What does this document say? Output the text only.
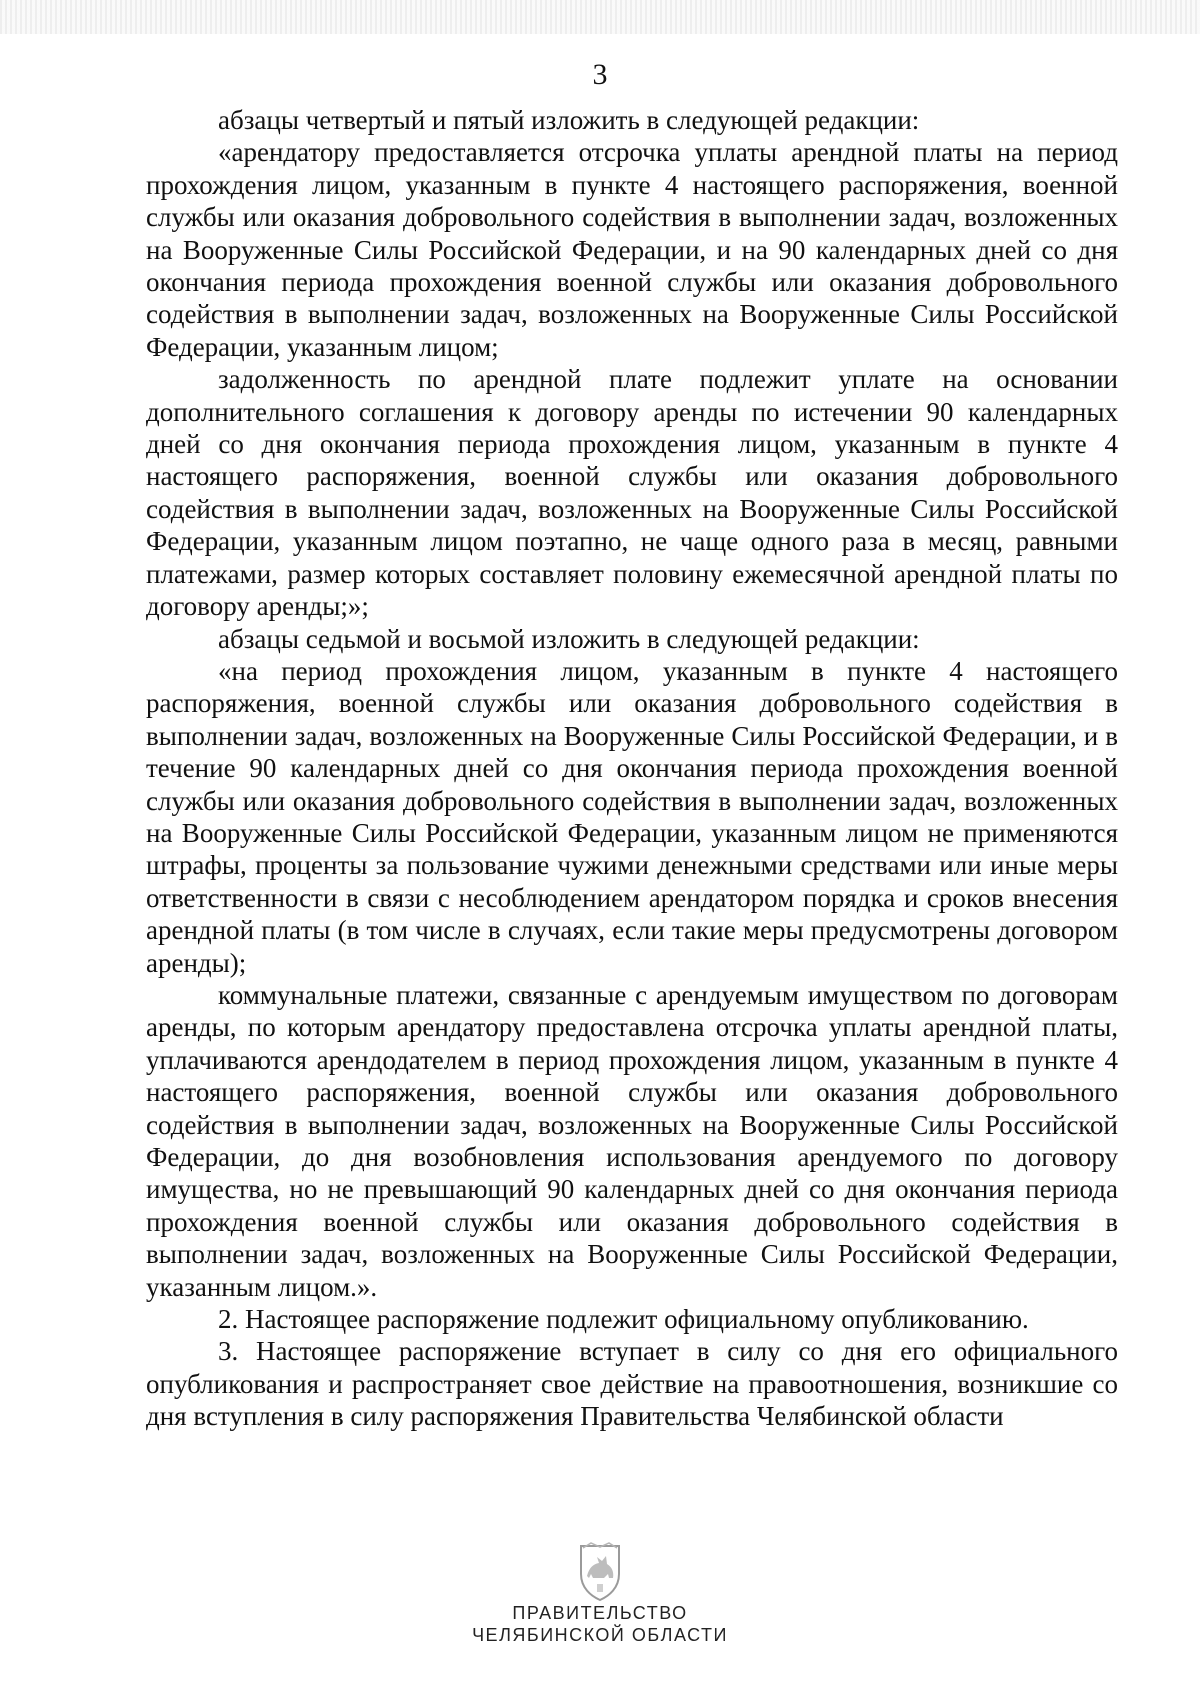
3

абзацы четвертый и пятый изложить в следующей редакции:

«арендатору предоставляется отсрочка уплаты арендной платы на период прохождения лицом, указанным в пункте 4 настоящего распоряжения, военной службы или оказания добровольного содействия в выполнении задач, возложенных на Вооруженные Силы Российской Федерации, и на 90 календарных дней со дня окончания периода прохождения военной службы или оказания добровольного содействия в выполнении задач, возложенных на Вооруженные Силы Российской Федерации, указанным лицом;

задолженность по арендной плате подлежит уплате на основании дополнительного соглашения к договору аренды по истечении 90 календарных дней со дня окончания периода прохождения лицом, указанным в пункте 4 настоящего распоряжения, военной службы или оказания добровольного содействия в выполнении задач, возложенных на Вооруженные Силы Российской Федерации, указанным лицом поэтапно, не чаще одного раза в месяц, равными платежами, размер которых составляет половину ежемесячной арендной платы по договору аренды;»;

абзацы седьмой и восьмой изложить в следующей редакции:

«на период прохождения лицом, указанным в пункте 4 настоящего распоряжения, военной службы или оказания добровольного содействия в выполнении задач, возложенных на Вооруженные Силы Российской Федерации, и в течение 90 календарных дней со дня окончания периода прохождения военной службы или оказания добровольного содействия в выполнении задач, возложенных на Вооруженные Силы Российской Федерации, указанным лицом не применяются штрафы, проценты за пользование чужими денежными средствами или иные меры ответственности в связи с несоблюдением арендатором порядка и сроков внесения арендной платы (в том числе в случаях, если такие меры предусмотрены договором аренды);

коммунальные платежи, связанные с арендуемым имуществом по договорам аренды, по которым арендатору предоставлена отсрочка уплаты арендной платы, уплачиваются арендодателем в период прохождения лицом, указанным в пункте 4 настоящего распоряжения, военной службы или оказания добровольного содействия в выполнении задач, возложенных на Вооруженные Силы Российской Федерации, до дня возобновления использования арендуемого по договору имущества, но не превышающий 90 календарных дней со дня окончания периода прохождения военной службы или оказания добровольного содействия в выполнении задач, возложенных на Вооруженные Силы Российской Федерации, указанным лицом.».

2. Настоящее распоряжение подлежит официальному опубликованию.

3. Настоящее распоряжение вступает в силу со дня его официального опубликования и распространяет свое действие на правоотношения, возникшие со дня вступления в силу распоряжения Правительства Челябинской области

ПРАВИТЕЛЬСТВО
ЧЕЛЯБИНСКОЙ ОБЛАСТИ
